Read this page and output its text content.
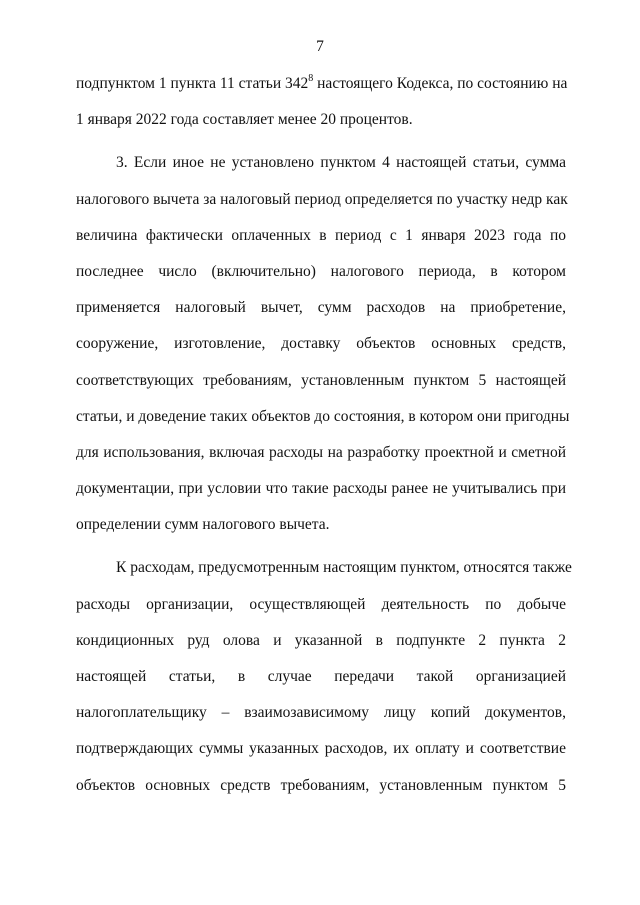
7
подпунктом 1 пункта 11 статьи $342^8$ настоящего Кодекса, по состоянию на
1 января 2022 года составляет менее 20 процентов.
3. Если иное не установлено пунктом 4 настоящей статьи, сумма
налогового вычета за налоговый период определяется по участку недр как
величина фактически оплаченных в период с 1 января 2023 года по
последнее число (включительно) налогового периода, в котором
применяется налоговый вычет, сумм расходов на приобретение,
сооружение, изготовление, доставку объектов основных средств,
соответствующих требованиям, установленным пунктом 5 настоящей
статьи, и доведение таких объектов до состояния, в котором они пригодны
для использования, включая расходы на разработку проектной и сметной
документации, при условии что такие расходы ранее не учитывались при
определении сумм налогового вычета.
К расходам, предусмотренным настоящим пунктом, относятся также
расходы организации, осуществляющей деятельность по добыче
кондиционных руд олова и указанной в подпункте 2 пункта 2
настоящей статьи, в случае передачи такой организацией
налогоплательщику – взаимозависимому лицу копий документов,
подтверждающих суммы указанных расходов, их оплату и соответствие
объектов основных средств требованиям, установленным пунктом 5
